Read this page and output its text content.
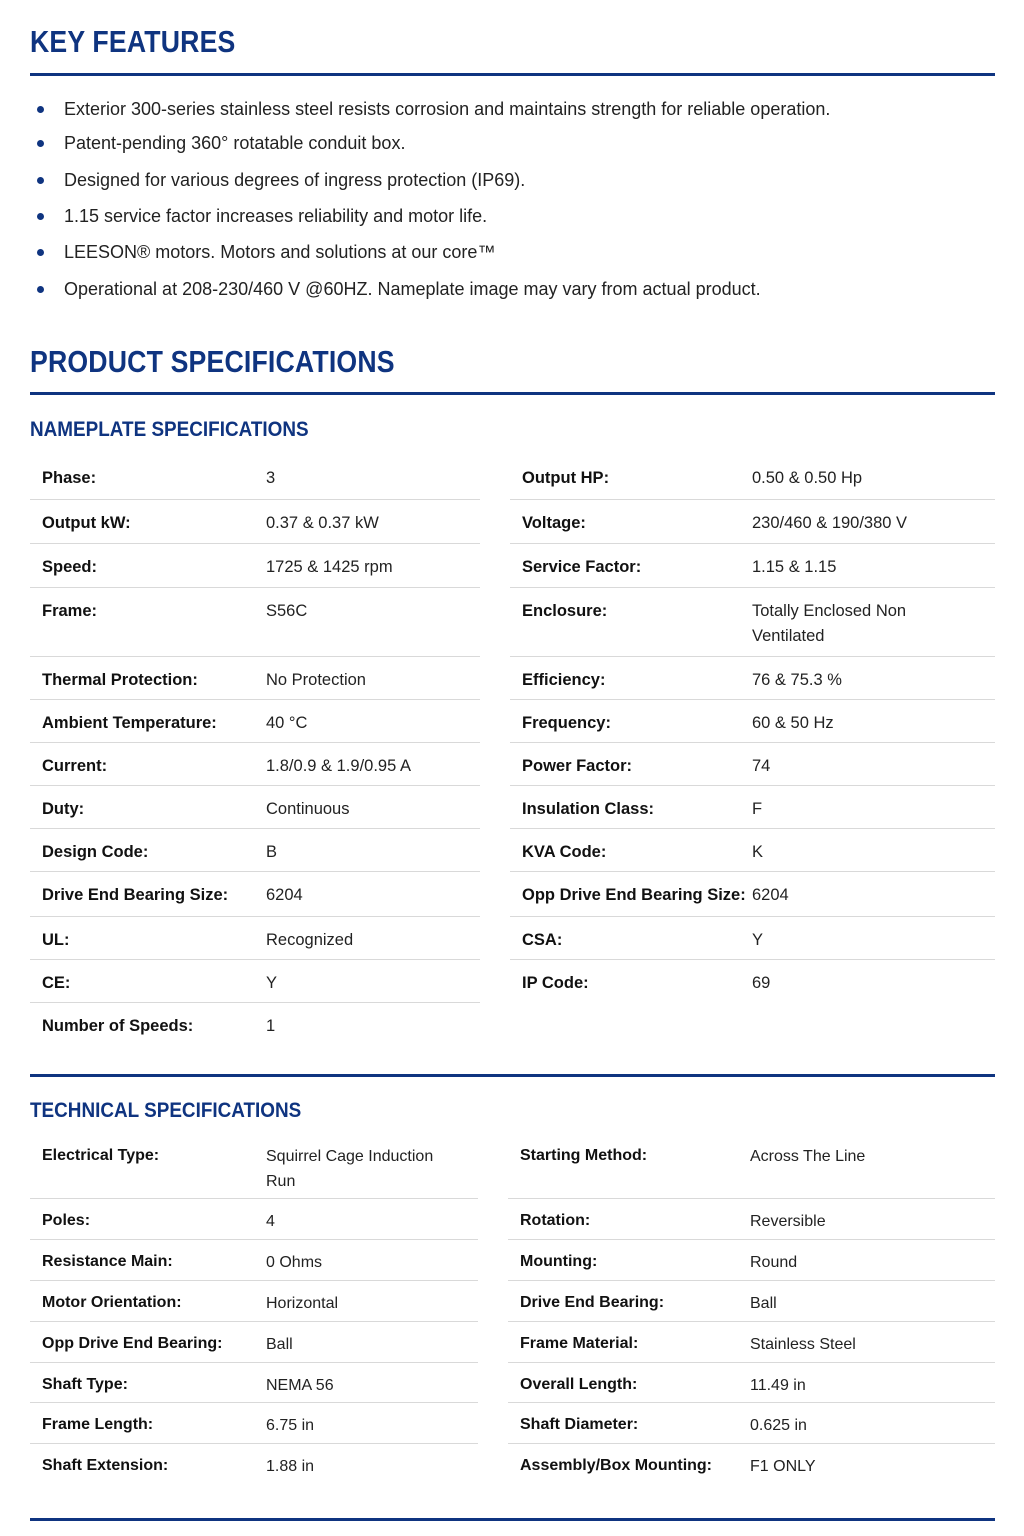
KEY FEATURES
Exterior 300-series stainless steel resists corrosion and maintains strength for reliable operation.
Patent-pending 360° rotatable conduit box.
Designed for various degrees of ingress protection (IP69).
1.15 service factor increases reliability and motor life.
LEESON® motors. Motors and solutions at our core™
Operational at 208-230/460 V @60HZ. Nameplate image may vary from actual product.
PRODUCT SPECIFICATIONS
NAMEPLATE SPECIFICATIONS
Phase:	3
Output kW:	0.37 & 0.37 kW
Speed:	1725 & 1425 rpm
Frame:	S56C
Thermal Protection:	No Protection
Ambient Temperature:	40 °C
Current:	1.8/0.9 & 1.9/0.95 A
Duty:	Continuous
Design Code:	B
Drive End Bearing Size:	6204
UL:	Recognized
CE:	Y
Number of Speeds:	1
Output HP:	0.50 & 0.50 Hp
Voltage:	230/460 & 190/380 V
Service Factor:	1.15 & 1.15
Enclosure:	Totally Enclosed Non Ventilated
Efficiency:	76 & 75.3 %
Frequency:	60 & 50 Hz
Power Factor:	74
Insulation Class:	F
KVA Code:	K
Opp Drive End Bearing Size: 6204
CSA:	Y
IP Code:	69
TECHNICAL SPECIFICATIONS
Electrical Type:	Squirrel Cage Induction Run
Poles:	4
Resistance Main:	0 Ohms
Motor Orientation:	Horizontal
Opp Drive End Bearing:	Ball
Shaft Type:	NEMA 56
Frame Length:	6.75 in
Shaft Extension:	1.88 in
Starting Method:	Across The Line
Rotation:	Reversible
Mounting:	Round
Drive End Bearing:	Ball
Frame Material:	Stainless Steel
Overall Length:	11.49 in
Shaft Diameter:	0.625 in
Assembly/Box Mounting:	F1 ONLY
